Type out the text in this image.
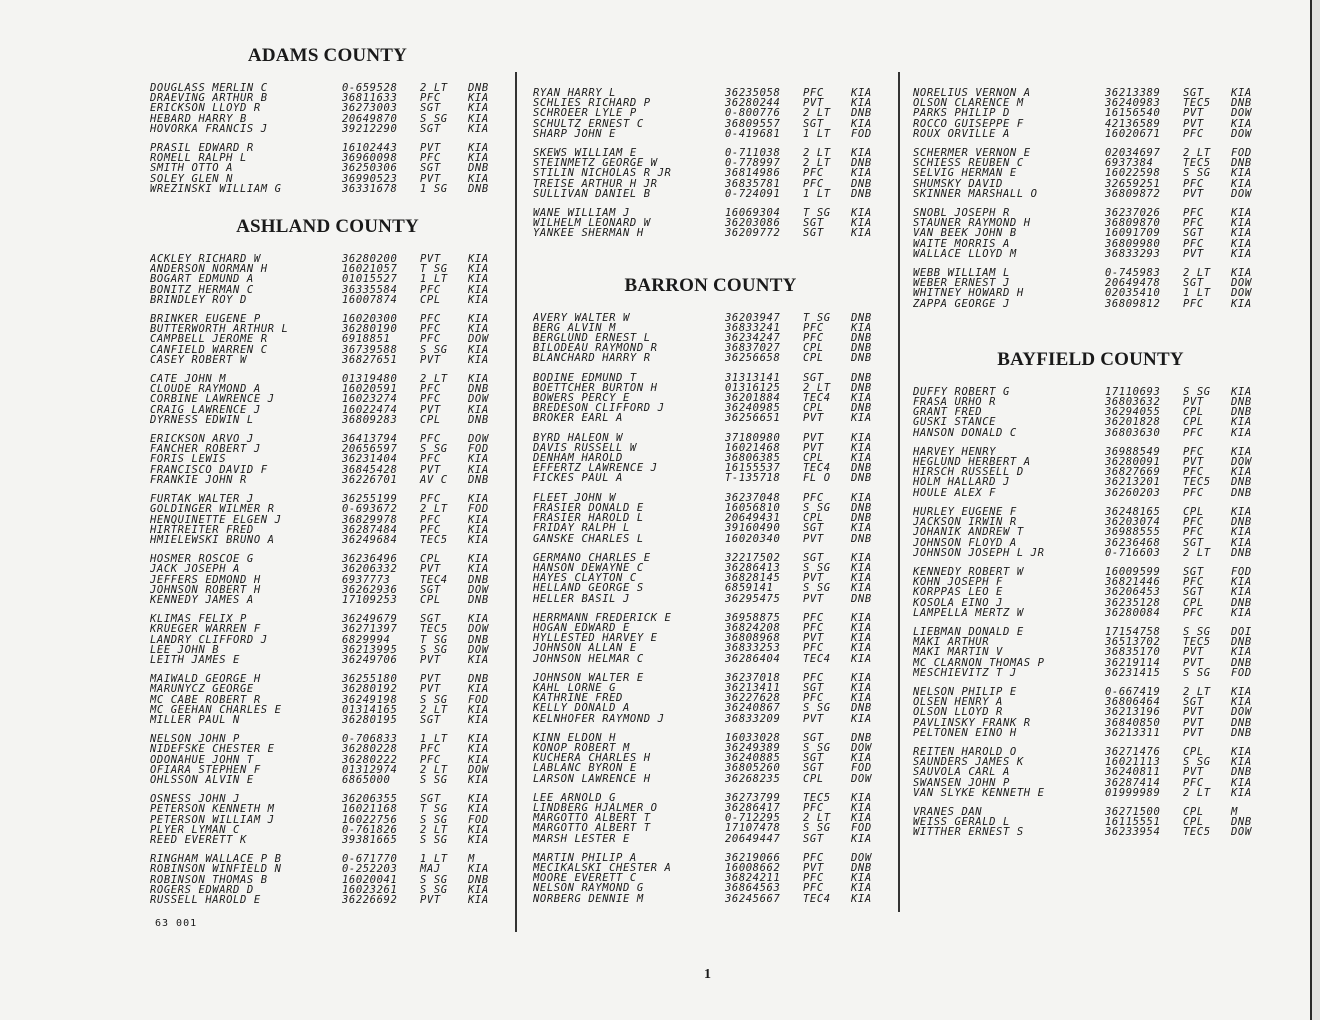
ADAMS COUNTY
DOUGLASS MERLIN C	0-659528	2 LT	DNB
DRAEVING ARTHUR B	36811633	PFC	KIA
ERICKSON LLOYD R	36273003	SGT	KIA
HEBARD HARRY B	20649870	S SG	KIA
HOVORKA FRANCIS J	39212290	SGT	KIA
PRASIL EDWARD R	16102443	PVT	KIA
ROMELL RALPH L	36960098	PFC	KIA
SMITH OTTO A	36250306	SGT	DNB
SOLEY GLEN N	36990523	PVT	KIA
WREZINSKI WILLIAM G	36331678	1 SG	DNB
ASHLAND COUNTY
ACKLEY RICHARD W	36280200	PVT	KIA
ANDERSON NORMAN H	16021057	T SG	KIA
BOGART EDMUND A	01015527	1 LT	KIA
BONITZ HERMAN C	36335584	PFC	KIA
BRINDLEY ROY D	16007874	CPL	KIA
BRINKER EUGENE P	16020300	PFC	KIA
BUTTERWORTH ARTHUR L	36280190	PFC	KIA
CAMPBELL JEROME R	6918851	PFC	DOW
CANFIELD WARREN C	36739588	S SG	KIA
CASEY ROBERT W	36827651	PVT	KIA
CATE JOHN M	01319480	2 LT	KIA
CLOUDE RAYMOND A	16020591	PFC	DNB
CORBINE LAWRENCE J	16023274	PFC	DOW
CRAIG LAWRENCE J	16022474	PVT	KIA
DYRNESS EDWIN L	36809283	CPL	DNB
ERICKSON ARVO J	36413794	PFC	DOW
FANCHER ROBERT J	20656597	S SG	FOD
FORIS LEWIS	36231404	PFC	KIA
FRANCISCO DAVID F	36845428	PVT	KIA
FRANKIE JOHN R	36226701	AV C	DNB
FURTAK WALTER J	36255199	PFC	KIA
GOLDINGER WILMER R	0-693672	2 LT	FOD
HENQUINETTE ELGEN J	36829978	PFC	KIA
HIRTREITER FRED	36287484	PFC	KIA
HMIELEWSKI BRUNO A	36249684	TEC5	KIA
HOSMER ROSCOE G	36236496	CPL	KIA
JACK JOSEPH A	36206332	PVT	KIA
JEFFERS EDMOND H	6937773	TEC4	DNB
JOHNSON ROBERT H	36262936	SGT	DOW
KENNEDY JAMES A	17109253	CPL	DNB
KLIMAS FELIX P	36249679	SGT	KIA
KRUEGER WARREN F	36271397	TEC5	DOW
LANDRY CLIFFORD J	6829994	T SG	DNB
LEE JOHN B	36213995	S SG	DOW
LEITH JAMES E	36249706	PVT	KIA
MAIWALD GEORGE H	36255180	PVT	DNB
MARUNYCZ GEORGE	36280192	PVT	KIA
MC CABE ROBERT R	36249198	S SG	FOD
MC GEEHAN CHARLES E	01314165	2 LT	KIA
MILLER PAUL N	36280195	SGT	KIA
NELSON JOHN P	0-706833	1 LT	KIA
NIDEFSKE CHESTER E	36280228	PFC	KIA
ODONAHUE JOHN T	36280222	PFC	KIA
OFIARA STEPHEN F	01312974	2 LT	DOW
OHLSSON ALVIN E	6865000	S SG	KIA
OSNESS JOHN J	36206355	SGT	KIA
PETERSON KENNETH M	16021168	T SG	KIA
PETERSON WILLIAM J	16022756	S SG	FOD
PLYER LYMAN C	0-761826	2 LT	KIA
REED EVERETT K	39381665	S SG	KIA
RINGHAM WALLACE P B	0-671770	1 LT	M
ROBINSON WINFIELD N	0-252203	MAJ	KIA
ROBINSON THOMAS B	16020041	S SG	DNB
ROGERS EDWARD D	16023261	S SG	KIA
RUSSELL HAROLD E	36226692	PVT	KIA
RYAN HARRY L	36235058	PFC	KIA
SCHLIES RICHARD P	36280244	PVT	KIA
SCHROEER LYLE P	0-800776	2 LT	DNB
SCHULTZ ERNEST C	36809557	SGT	KIA
SHARP JOHN E	0-419681	1 LT	FOD
SKEWS WILLIAM E	0-711038	2 LT	KIA
STEINMETZ GEORGE W	0-778997	2 LT	DNB
STILIN NICHOLAS R JR	36814986	PFC	KIA
TREISE ARTHUR H JR	36835781	PFC	DNB
SULLIVAN DANIEL B	0-724091	1 LT	DNB
WANE WILLIAM J	16069304	T SG	KIA
WILHELM LEONARD W	36203086	SGT	KIA
YANKEE SHERMAN H	36209772	SGT	KIA
BARRON COUNTY
AVERY WALTER W	36203947	T SG	DNB
BERG ALVIN M	36833241	PFC	KIA
BERGLUND ERNEST L	36234247	PFC	DNB
BILODEAU RAYMOND R	36837027	CPL	DNB
BLANCHARD HARRY R	36256658	CPL	DNB
BODINE EDMUND T	31313141	SGT	DNB
BOETTCHER BURTON H	01316125	2 LT	DNB
BOWERS PERCY E	36201884	TEC4	KIA
BREDESON CLIFFORD J	36240985	CPL	DNB
BROKER EARL A	36256651	PVT	KIA
BYRD HALEON W	37180980	PVT	KIA
DAVIS RUSSELL W	16021468	PVT	KIA
DENHAM HAROLD	36806385	CPL	KIA
EFFERTZ LAWRENCE J	16155537	TEC4	DNB
FICKES PAUL A	T-135718	FL O	DNB
FLEET JOHN W	36237048	PFC	KIA
FRASIER DONALD E	16056810	S SG	DNB
FRASIER HAROLD L	20649431	CPL	DNB
FRIDAY RALPH L	39160490	SGT	KIA
GANSKE CHARLES L	16020340	PVT	DNB
GERMANO CHARLES E	32217502	SGT	KIA
HANSON DEWAYNE C	36286413	S SG	KIA
HAYES CLAYTON C	36828145	PVT	KIA
HELLAND GEORGE S	6859141	S SG	KIA
HELLER BASIL J	36295475	PVT	DNB
HERRMANN FREDERICK E	36958875	PFC	KIA
HOGAN EDWARD E	36824208	PFC	KIA
HYLLESTED HARVEY E	36808968	PVT	KIA
JOHNSON ALLAN E	36833253	PFC	KIA
JOHNSON HELMAR C	36286404	TEC4	KIA
JOHNSON WALTER E	36237018	PFC	KIA
KAHL LORNE G	36213411	SGT	KIA
KATHRINE FRED	36227628	PFC	KIA
KELLY DONALD A	36240867	S SG	DNB
KELNHOFER RAYMOND J	36833209	PVT	KIA
KINN ELDON H	16033028	SGT	DNB
KONOP ROBERT M	36249389	S SG	DOW
KUCHERA CHARLES H	36240885	SGT	KIA
LABLANC BYRON E	36805260	SGT	FOD
LARSON LAWRENCE H	36268235	CPL	DOW
LEE ARNOLD G	36273799	TEC5	KIA
LINDBERG HJALMER O	36286417	PFC	KIA
MARGOTTO ALBERT T	0-712295	2 LT	KIA
MARGOTTO ALBERT T	17107478	S SG	FOD
MARSH LESTER E	20649447	SGT	KIA
MARTIN PHILIP A	36219066	PFC	DOW
MECIKALSKI CHESTER A	16008662	PVT	DNB
MOORE EVERETT C	36824211	PFC	KIA
NELSON RAYMOND G	36864563	PFC	KIA
NORBERG DENNIE M	36245667	TEC4	KIA
NORELIUS VERNON A	36213389	SGT	KIA
OLSON CLARENCE M	36240983	TEC5	DNB
PARKS PHILIP D	16156540	PVT	DOW
ROCCO GUISEPPE F	42136589	PVT	KIA
ROUX ORVILLE A	16020671	PFC	DOW
SCHERMER VERNON E	02034697	2 LT	FOD
SCHIESS REUBEN C	6937384	TEC5	DNB
SELVIG HERMAN E	16022598	S SG	KIA
SHUMSKY DAVID	32659251	PFC	KIA
SKINNER MARSHALL O	36809872	PVT	DOW
SNOBL JOSEPH R	36237026	PFC	KIA
STAUNER RAYMOND H	36809870	PFC	KIA
VAN BEEK JOHN B	16091709	SGT	KIA
WAITE MORRIS A	36809980	PFC	KIA
WALLACE LLOYD M	36833293	PVT	KIA
WEBB WILLIAM L	0-745983	2 LT	KIA
WEBER ERNEST J	20649478	SGT	DOW
WHITNEY HOWARD H	02035410	1 LT	DOW
ZAPPA GEORGE J	36809812	PFC	KIA
BAYFIELD COUNTY
DUFFY ROBERT G	17110693	S SG	KIA
FRASA URHO R	36803632	PVT	DNB
GRANT FRED	36294055	CPL	DNB
GUSKI STANCE	36201828	CPL	KIA
HANSON DONALD C	36803630	PFC	KIA
HARVEY HENRY	36988549	PFC	KIA
HEGLUND HERBERT A	36280091	PVT	DOW
HIRSCH RUSSELL D	36827669	PFC	KIA
HOLM HALLARD J	36213201	TEC5	DNB
HOULE ALEX F	36260203	PFC	DNB
HURLEY EUGENE F	36248165	CPL	KIA
JACKSON IRWIN R	36203074	PFC	DNB
JOHANIK ANDREW T	36988555	PFC	KIA
JOHNSON FLOYD A	36236468	SGT	KIA
JOHNSON JOSEPH L JR	0-716603	2 LT	DNB
KENNEDY ROBERT W	16009599	SGT	FOD
KOHN JOSEPH F	36821446	PFC	KIA
KORPPAS LEO E	36206453	SGT	KIA
KOSOLA EINO J	36235128	CPL	DNB
LAMPELLA MERTZ W	36280084	PFC	KIA
LIEBMAN DONALD E	17154758	S SG	DOI
MAKI ARTHUR	36513702	TEC5	DNB
MAKI MARTIN V	36835170	PVT	KIA
MC CLARNON THOMAS P	36219114	PVT	DNB
MESCHIEVITZ T J	36231415	S SG	FOD
NELSON PHILIP E	0-667419	2 LT	KIA
OLSEN HENRY A	36806464	SGT	KIA
OLSON LLOYD R	36213196	PVT	DOW
PAVLINSKY FRANK R	36840850	PVT	DNB
PELTONEN EINO H	36213311	PVT	DNB
REITEN HAROLD O	36271476	CPL	KIA
SAUNDERS JAMES K	16021113	S SG	KIA
SAUVOLA CARL A	36240811	PVT	DNB
SWANSEN JOHN P	36287414	PFC	KIA
VAN SLYKE KENNETH E	01999989	2 LT	KIA
VRANES DAN	36271500	CPL	M
WEISS GERALD L	16115551	CPL	DNB
WITTHER ERNEST S	36233954	TEC5	DOW
63 001
1
